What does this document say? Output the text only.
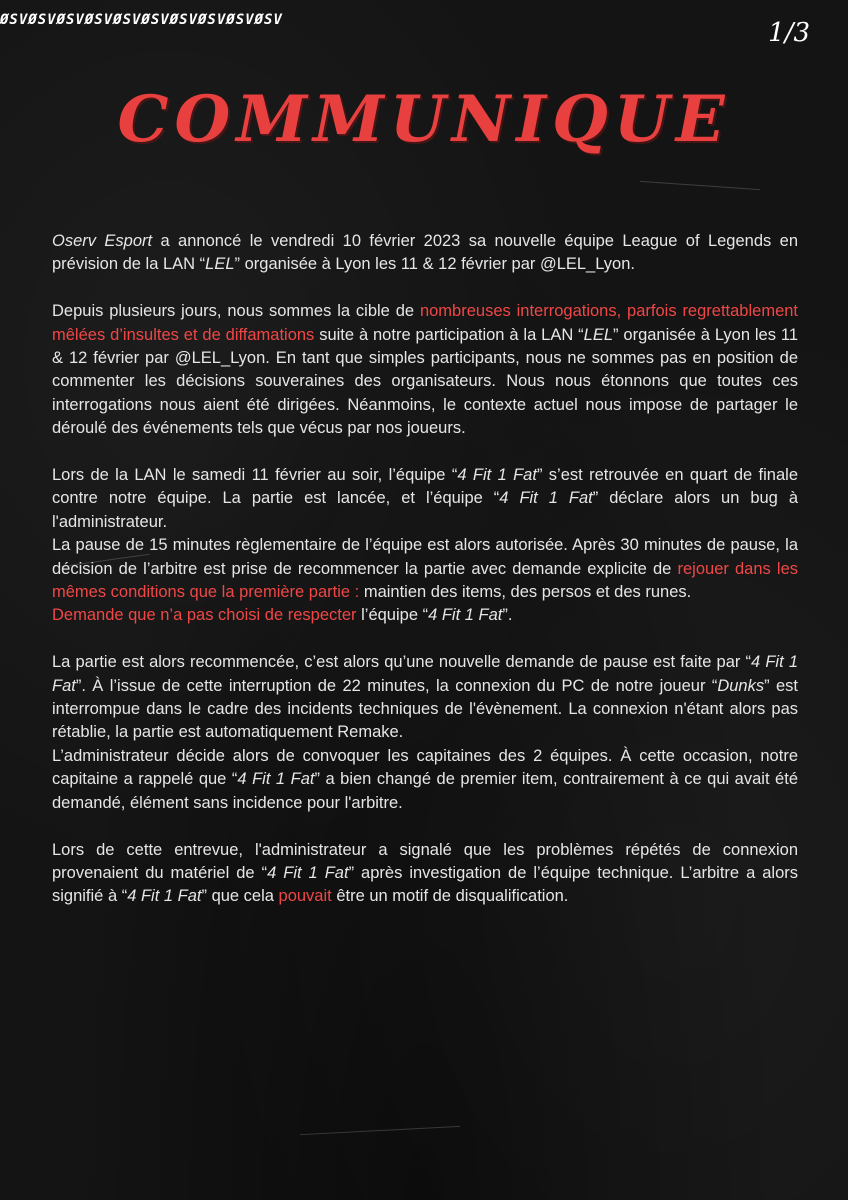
ØSVØSVØSVØSVØSVØSVØSVØSVØSVØSV	1/3
COMMUNIQUE

Oserv Esport a annoncé le vendredi 10 février 2023 sa nouvelle équipe League of Legends en prévision de la LAN “LEL” organisée à Lyon les 11 & 12 février par @LEL_Lyon.

Depuis plusieurs jours, nous sommes la cible de nombreuses interrogations, parfois regrettablement mêlées d’insultes et de diffamations suite à notre participation à la LAN “LEL” organisée à Lyon les 11 & 12 février par @LEL_Lyon. En tant que simples participants, nous ne sommes pas en position de commenter les décisions souveraines des organisateurs. Nous nous étonnons que toutes ces interrogations nous aient été dirigées. Néanmoins, le contexte actuel nous impose de partager le déroulé des événements tels que vécus par nos joueurs.

Lors de la LAN le samedi 11 février au soir, l’équipe “4 Fit 1 Fat” s’est retrouvée en quart de finale contre notre équipe. La partie est lancée, et l’équipe “4 Fit 1 Fat” déclare alors un bug à l'administrateur.
La pause de 15 minutes règlementaire de l’équipe est alors autorisée. Après 30 minutes de pause, la décision de l’arbitre est prise de recommencer la partie avec demande explicite de rejouer dans les mêmes conditions que la première partie : maintien des items, des persos et des runes.
Demande que n’a pas choisi de respecter l’équipe “4 Fit 1 Fat”.

La partie est alors recommencée, c’est alors qu’une nouvelle demande de pause est faite par “4 Fit 1 Fat”. À l’issue de cette interruption de 22 minutes, la connexion du PC de notre joueur “Dunks” est interrompue dans le cadre des incidents techniques de l'évènement. La connexion n'étant alors pas rétablie, la partie est automatiquement Remake.
L’administrateur décide alors de convoquer les capitaines des 2 équipes. À cette occasion, notre capitaine a rappelé que “4 Fit 1 Fat” a bien changé de premier item, contrairement à ce qui avait été demandé, élément sans incidence pour l'arbitre.

Lors de cette entrevue, l'administrateur a signalé que les problèmes répétés de connexion provenaient du matériel de “4 Fit 1 Fat” après investigation de l’équipe technique. L’arbitre a alors signifié à “4 Fit 1 Fat” que cela pouvait être un motif de disqualification.
